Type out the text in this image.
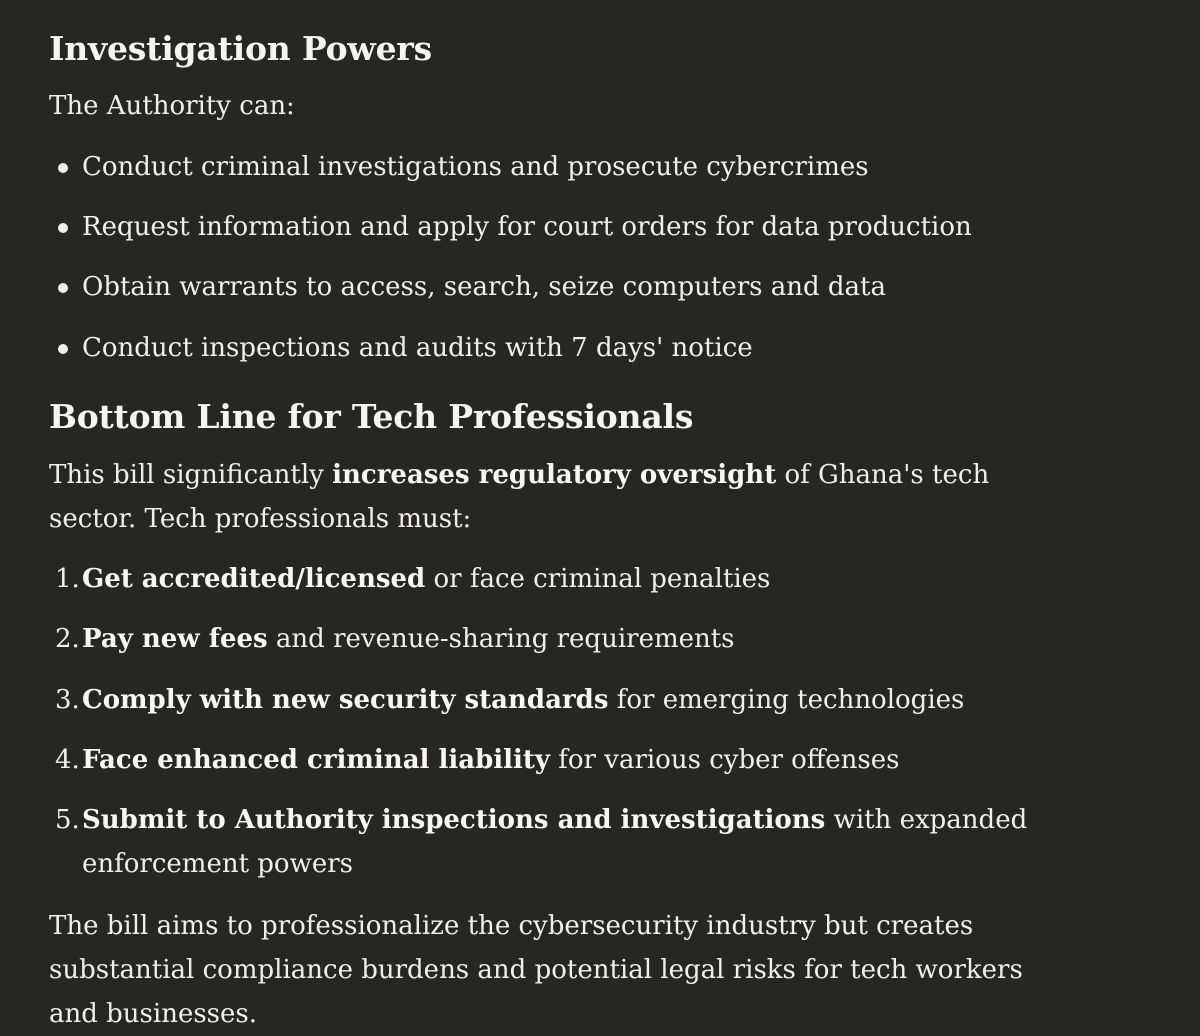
Investigation Powers

The Authority can:

Conduct criminal investigations and prosecute cybercrimes
Request information and apply for court orders for data production
Obtain warrants to access, search, seize computers and data
Conduct inspections and audits with 7 days' notice
Bottom Line for Tech Professionals

This bill significantly increases regulatory oversight of Ghana's tech sector. Tech professionals must:

1. Get accredited/licensed or face criminal penalties
2. Pay new fees and revenue-sharing requirements
3. Comply with new security standards for emerging technologies
4. Face enhanced criminal liability for various cyber offenses
5. Submit to Authority inspections and investigations with expanded enforcement powers

The bill aims to professionalize the cybersecurity industry but creates substantial compliance burdens and potential legal risks for tech workers and businesses.
